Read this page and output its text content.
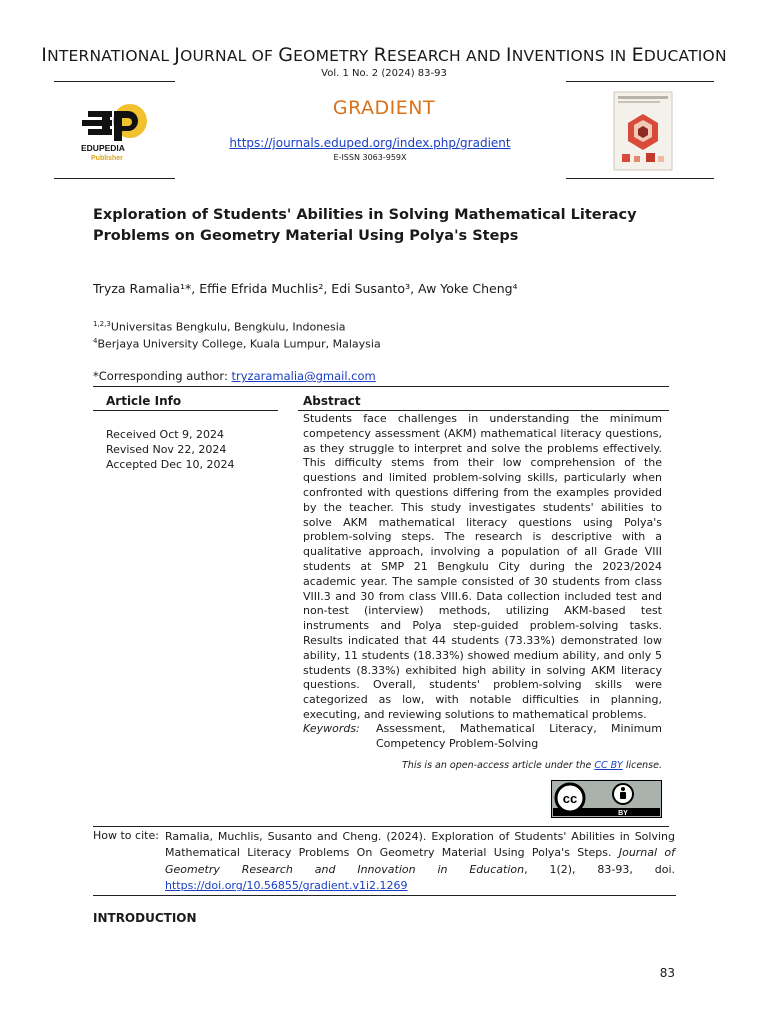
INTERNATIONAL JOURNAL OF GEOMETRY RESEARCH AND INVENTIONS IN EDUCATION
Vol. 1 No. 2 (2024) 83-93
EDUPEDIA
Publisher
GRADIENT
https://journals.eduped.org/index.php/gradient
E-ISSN 3063-959X
Exploration of Students' Abilities in Solving Mathematical Literacy Problems on Geometry Material Using Polya's Steps
Tryza Ramalia¹*, Effie Efrida Muchlis², Edi Susanto³, Aw Yoke Cheng⁴
$^{1,2,3}$Universitas Bengkulu, Bengkulu, Indonesia
$^4$Berjaya University College, Kuala Lumpur, Malaysia
*Corresponding author: tryzaramalia@gmail.com
Article Info
Received Oct 9, 2024
Revised Nov 22, 2024
Accepted Dec 10, 2024
Abstract
Students face challenges in understanding the minimum competency assessment (AKM) mathematical literacy questions, as they struggle to interpret and solve the problems effectively. This difficulty stems from their low comprehension of the questions and limited problem-solving skills, particularly when confronted with questions differing from the examples provided by the teacher. This study investigates students' abilities to solve AKM mathematical literacy questions using Polya's problem-solving steps. The research is descriptive with a qualitative approach, involving a population of all Grade VIII students at SMP 21 Bengkulu City during the 2023/2024 academic year. The sample consisted of 30 students from class VIII.3 and 30 from class VIII.6. Data collection included test and non-test (interview) methods, utilizing AKM-based test instruments and Polya step-guided problem-solving tasks. Results indicated that 44 students (73.33%) demonstrated low ability, 11 students (18.33%) showed medium ability, and only 5 students (8.33%) exhibited high ability in solving AKM literacy questions. Overall, students' problem-solving skills were categorized as low, with notable difficulties in planning, executing, and reviewing solutions to mathematical problems.
Keywords: Assessment, Mathematical Literacy, Minimum Competency Problem-Solving
This is an open-access article under the CC BY license.
cc
BY
How to cite: Ramalia, Muchlis, Susanto and Cheng. (2024). Exploration of Students' Abilities in Solving Mathematical Literacy Problems On Geometry Material Using Polya's Steps. Journal of Geometry Research and Innovation in Education, 1(2), 83-93, doi. https://doi.org/10.56855/gradient.v1i2.1269
INTRODUCTION
83
